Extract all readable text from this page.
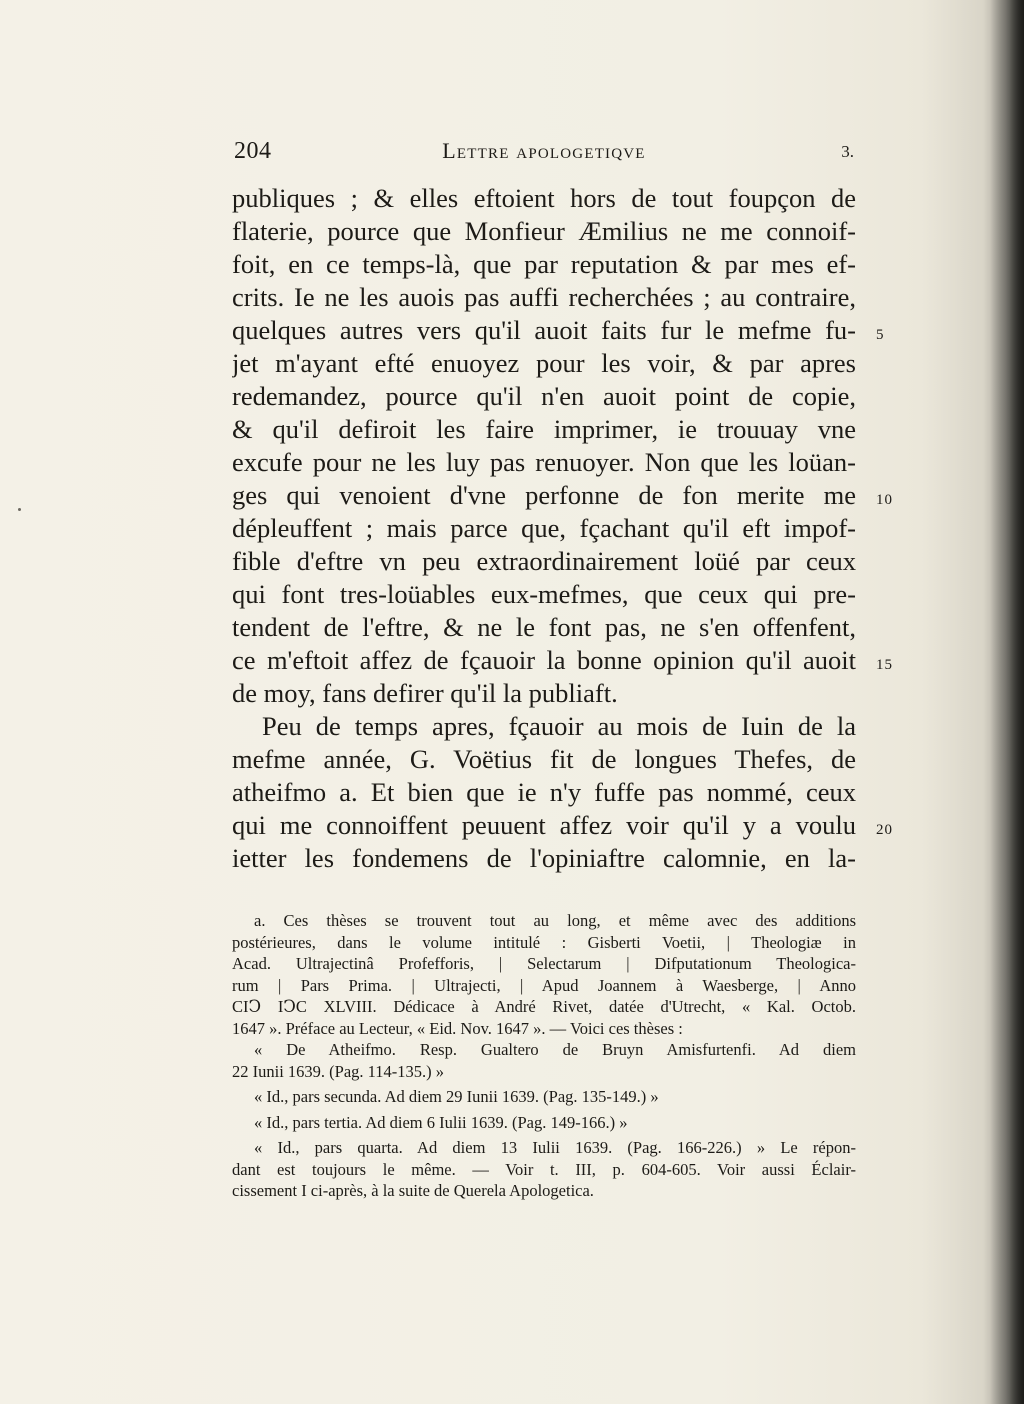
204	Lettre apologetiqve	3.
publiques ; & elles eftoient hors de tout foupçon de
flaterie, pource que Monfieur Æmilius ne me connoif-
foit, en ce temps-là, que par reputation & par mes ef-
crits. Ie ne les auois pas auffi recherchées ; au contraire,
quelques autres vers qu'il auoit faits fur le mefme fu-
jet m'ayant efté enuoyez pour les voir, & par apres
redemandez, pource qu'il n'en auoit point de copie,
& qu'il defiroit les faire imprimer, ie trouuay vne
excufe pour ne les luy pas renuoyer. Non que les loüan-
ges qui venoient d'vne perfonne de fon merite me
dépleuffent ; mais parce que, fçachant qu'il eft impof-
fible d'eftre vn peu extraordinairement loüé par ceux
qui font tres-loüables eux-mefmes, que ceux qui pre-
tendent de l'eftre, & ne le font pas, ne s'en offenfent,
ce m'eftoit affez de fçauoir la bonne opinion qu'il auoit
de moy, fans defirer qu'il la publiaft.
Peu de temps apres, fçauoir au mois de Iuin de la
mefme année, G. Voëtius fit de longues Thefes, de
atheifmo a. Et bien que ie n'y fuffe pas nommé, ceux
qui me connoiffent peuuent affez voir qu'il y a voulu
ietter les fondemens de l'opiniaftre calomnie, en la-
5
10
15
20
a. Ces thèses se trouvent tout au long, et même avec des additions
postérieures, dans le volume intitulé : Gisberti Voetii, | Theologiæ in
Acad. Ultrajectinâ Profefforis, | Selectarum | Difputationum Theologica-
rum | Pars Prima. | Ultrajecti, | Apud Joannem à Waesberge, | Anno
CIↃ IↃC XLVIII. Dédicace à André Rivet, datée d'Utrecht, « Kal. Octob.
1647 ». Préface au Lecteur, « Eid. Nov. 1647 ». — Voici ces thèses :
« De Atheifmo. Resp. Gualtero de Bruyn Amisfurtenfi. Ad diem
22 Iunii 1639. (Pag. 114-135.) »
« Id., pars secunda. Ad diem 29 Iunii 1639. (Pag. 135-149.) »
« Id., pars tertia. Ad diem 6 Iulii 1639. (Pag. 149-166.) »
« Id., pars quarta. Ad diem 13 Iulii 1639. (Pag. 166-226.) » Le répon-
dant est toujours le même. — Voir t. III, p. 604-605. Voir aussi Éclair-
cissement I ci-après, à la suite de Querela Apologetica.
